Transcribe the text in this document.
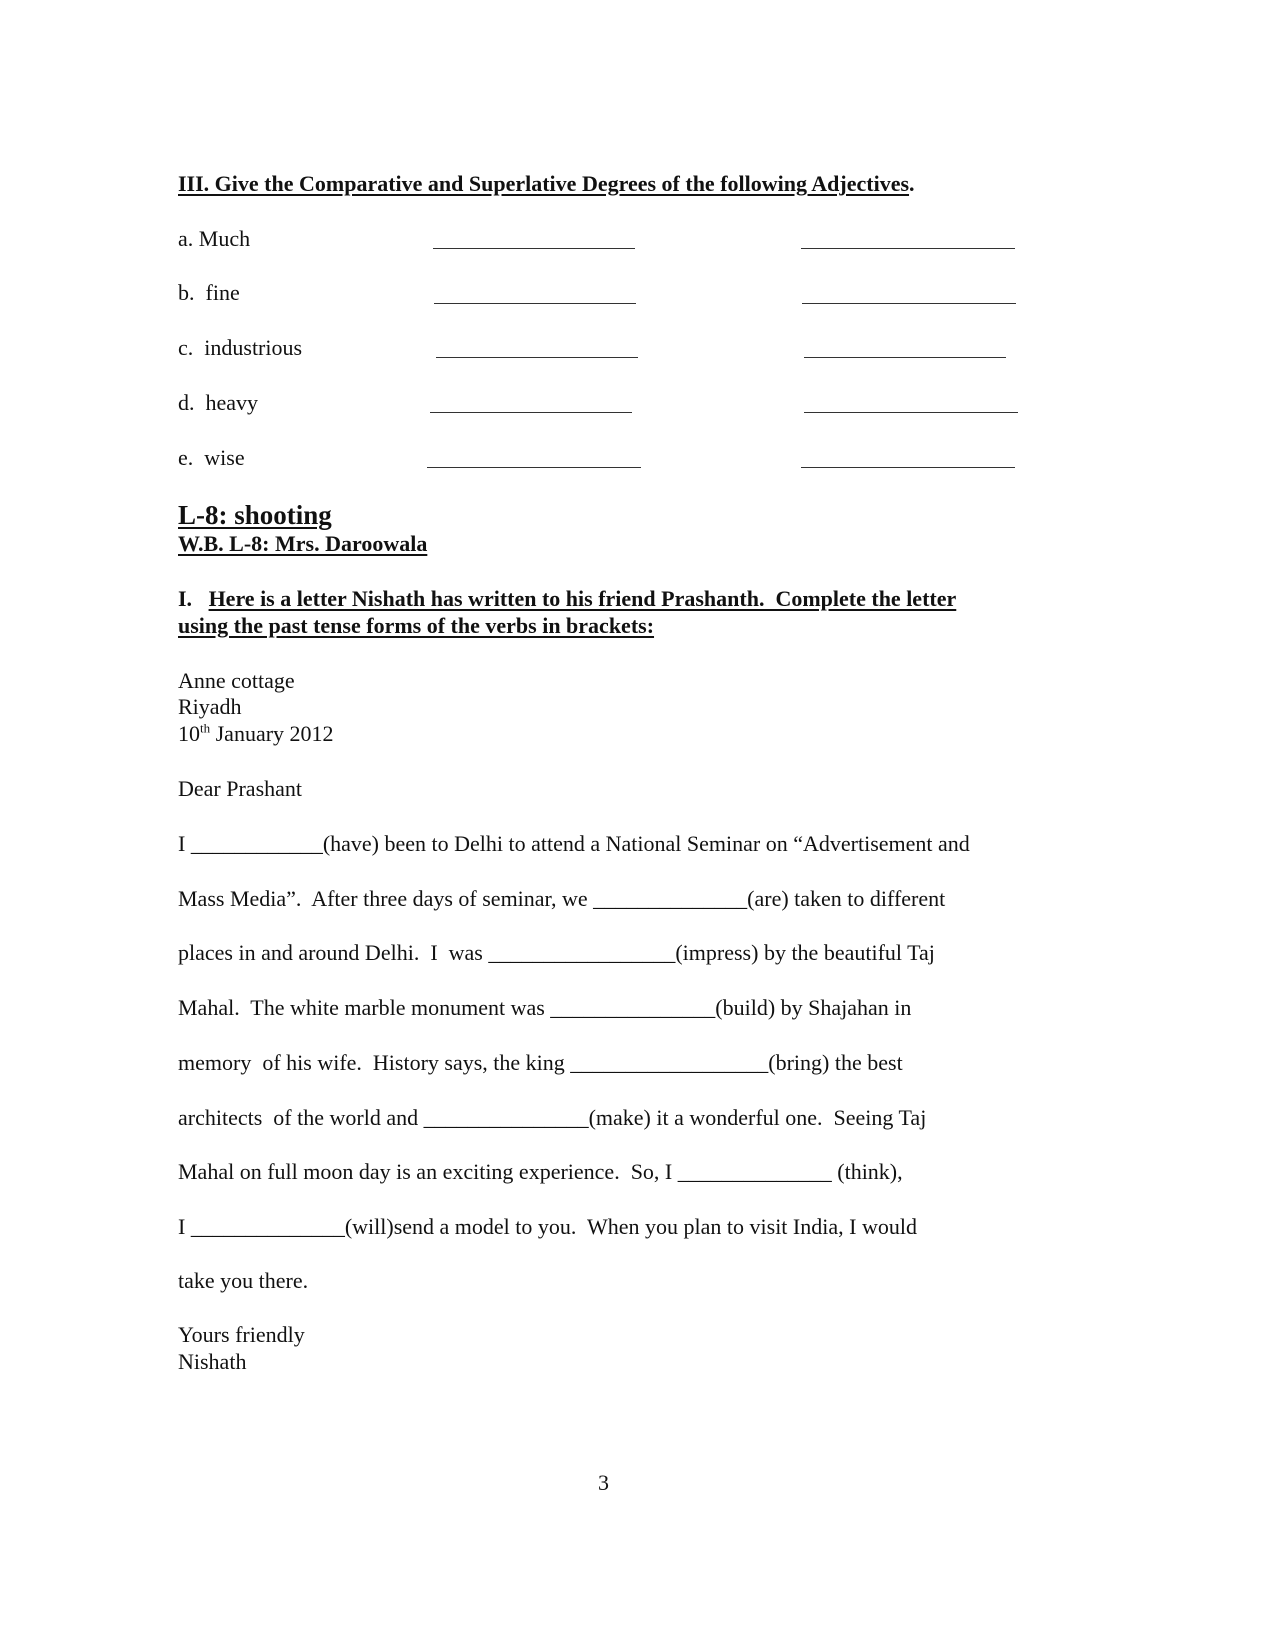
III. Give the Comparative and Superlative Degrees of the following Adjectives.
a. Much
b.  fine
c.  industrious
d.  heavy
e.  wise
L-8: shooting
W.B. L-8: Mrs. Daroowala
I. Here is a letter Nishath has written to his friend Prashanth.  Complete the letter
using the past tense forms of the verbs in brackets:
Anne cottage
Riyadh
10th January 2012
Dear Prashant
I ____________(have) been to Delhi to attend a National Seminar on “Advertisement and
Mass Media”.  After three days of seminar, we ______________(are) taken to different
places in and around Delhi.  I  was _________________(impress) by the beautiful Taj
Mahal.  The white marble monument was _______________(build) by Shajahan in
memory  of his wife.  History says, the king __________________(bring) the best
architects  of the world and _______________(make) it a wonderful one.  Seeing Taj
Mahal on full moon day is an exciting experience.  So, I ______________ (think),
I ______________(will)send a model to you.  When you plan to visit India, I would
take you there.
Yours friendly
Nishath
3
